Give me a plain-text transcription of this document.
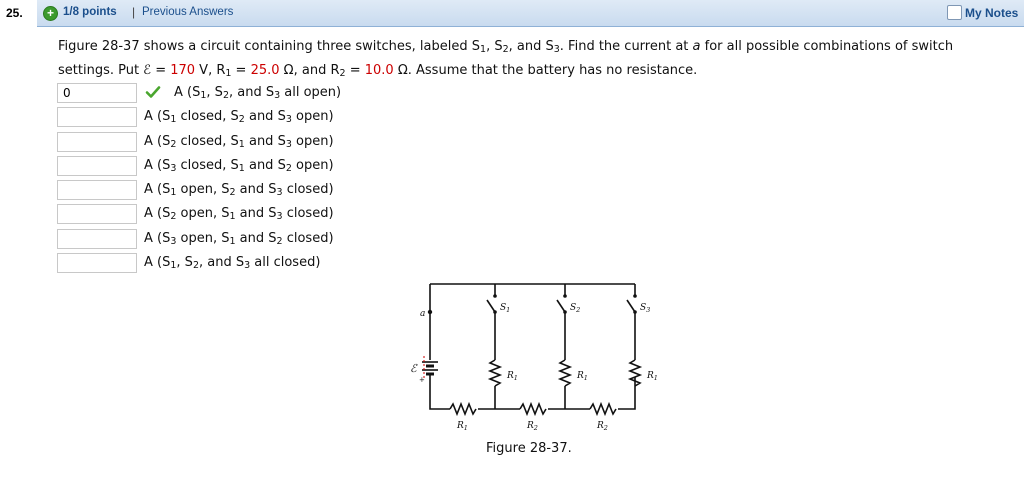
25.	+ 1/8 points | Previous Answers	My Notes
Figure 28-37 shows a circuit containing three switches, labeled $S_1$, $S_2$, and $S_3$. Find the current at a for all possible combinations of switch
settings. Put ℰ = 170 V, $R_1 = 25.0$ Ω, and $R_2 = 10.0$ Ω. Assume that the battery has no resistance.
0
A ($S_1$, $S_2$, and $S_3$ all open)
A ($S_1$ closed, $S_2$ and $S_3$ open)
A ($S_2$ closed, $S_1$ and $S_3$ open)
A ($S_3$ closed, $S_1$ and $S_2$ open)
A ($S_1$ open, $S_2$ and $S_3$ closed)
A ($S_2$ open, $S_1$ and $S_3$ closed)
A ($S_3$ open, $S_1$ and $S_2$ closed)
A ($S_1$, $S_2$, and $S_3$ all closed)
a
$S_1$	$S_2$	$S_3$
ℰ
+	$R_1$	$R_1$	$R_1$
$R_1$	$R_2$	$R_2$
Figure 28-37.
